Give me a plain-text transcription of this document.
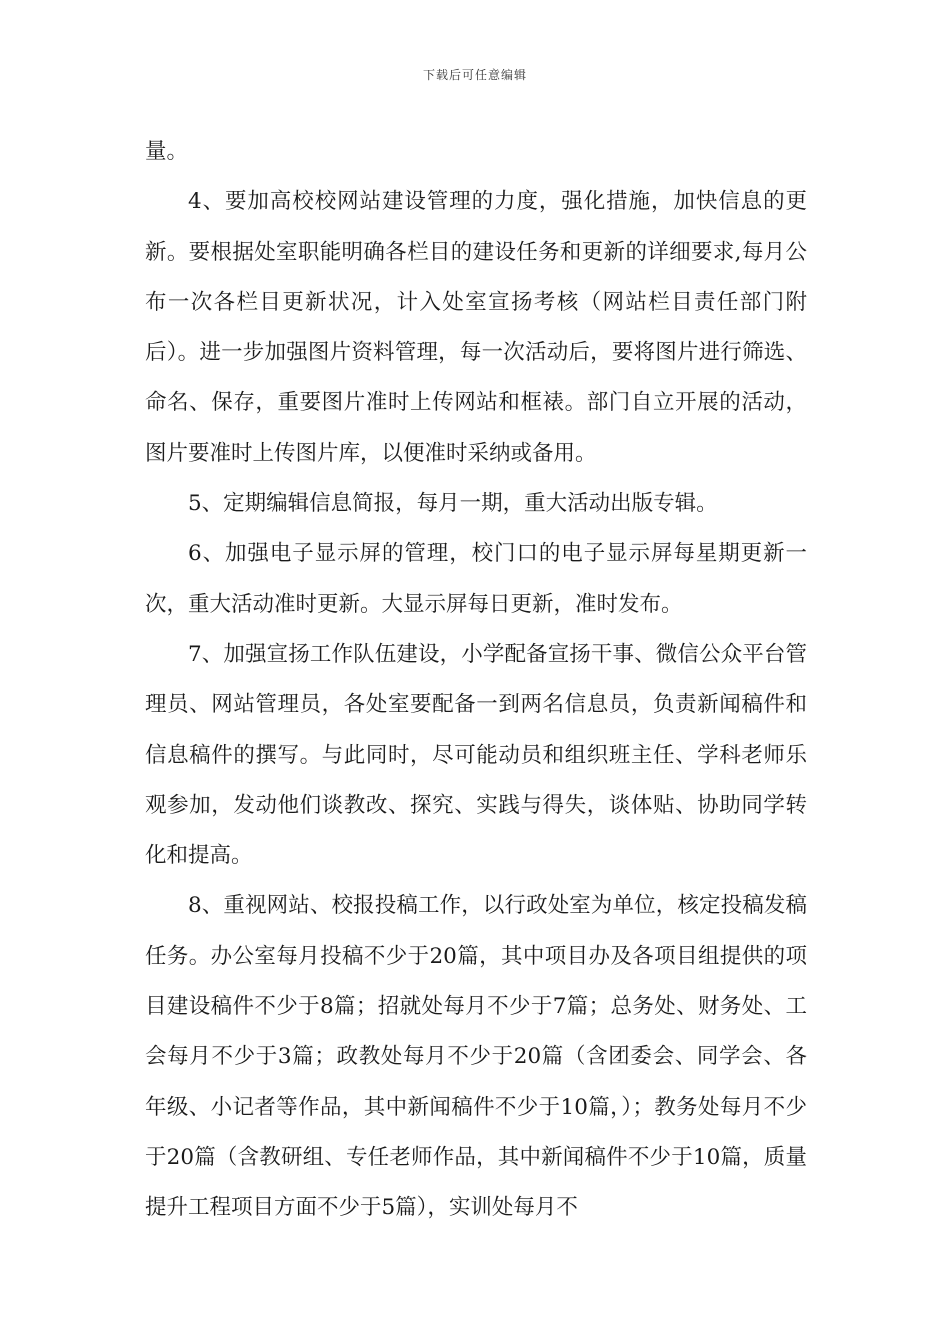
下载后可任意编辑

量。

4、要加高校校网站建设管理的力度，强化措施，加快信息的更新。要根据处室职能明确各栏目的建设任务和更新的详细要求,每月公布一次各栏目更新状况，计入处室宣扬考核（网站栏目责任部门附后）。进一步加强图片资料管理，每一次活动后，要将图片进行筛选、命名、保存，重要图片准时上传网站和框裱。部门自立开展的活动，图片要准时上传图片库，以便准时采纳或备用。

5、定期编辑信息简报，每月一期，重大活动出版专辑。

6、加强电子显示屏的管理，校门口的电子显示屏每星期更新一次，重大活动准时更新。大显示屏每日更新，准时发布。

7、加强宣扬工作队伍建设，小学配备宣扬干事、微信公众平台管理员、网站管理员，各处室要配备一到两名信息员，负责新闻稿件和信息稿件的撰写。与此同时，尽可能动员和组织班主任、学科老师乐观参加，发动他们谈教改、探究、实践与得失，谈体贴、协助同学转化和提高。

8、重视网站、校报投稿工作，以行政处室为单位，核定投稿发稿任务。办公室每月投稿不少于20篇，其中项目办及各项目组提供的项目建设稿件不少于8篇；招就处每月不少于7篇；总务处、财务处、工会每月不少于3篇；政教处每月不少于20篇（含团委会、同学会、各年级、小记者等作品，其中新闻稿件不少于10篇，）；教务处每月不少于20篇（含教研组、专任老师作品，其中新闻稿件不少于10篇，质量提升工程项目方面不少于5篇），实训处每月不
